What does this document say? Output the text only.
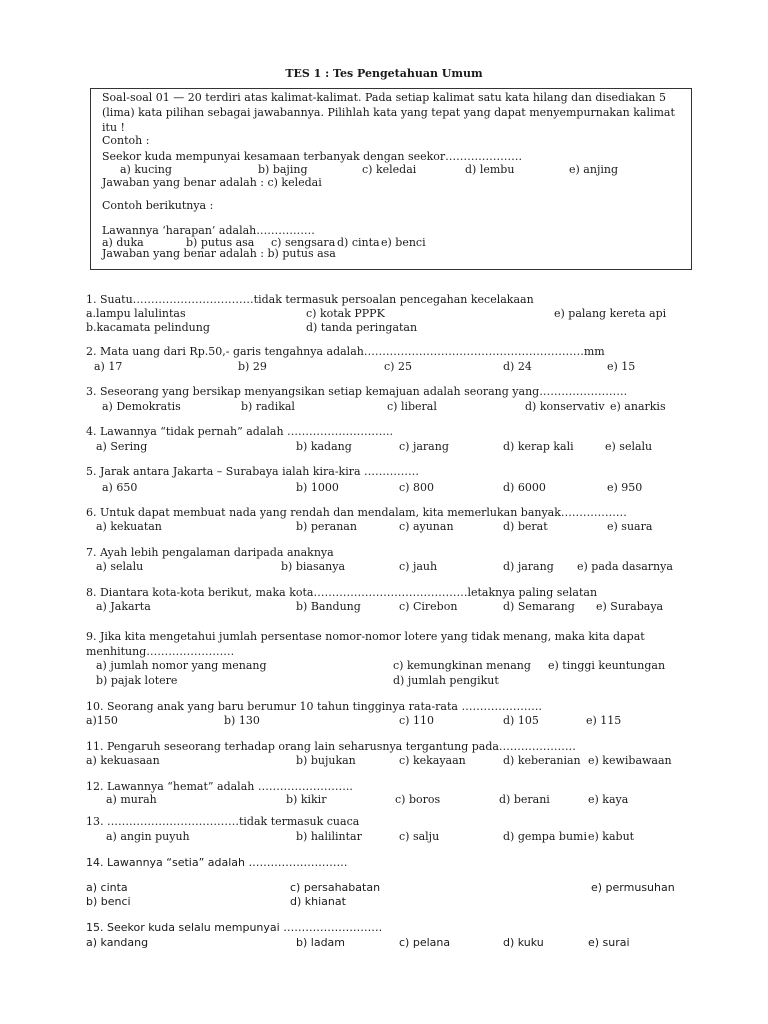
TES 1 : Tes Pengetahuan Umum
Soal-soal 01 — 20 terdiri atas kalimat-kalimat. Pada setiap kalimat satu kata hilang dan disediakan 5
(lima) kata pilihan sebagai jawabannya. Pilihlah kata yang tepat yang dapat menyempurnakan kalimat
itu !
Contoh :
Seekor kuda mempunyai kesamaan terbanyak dengan seekor…………………
a) kucing	b) bajing	c) keledai	d) lembu	e) anjing
Jawaban yang benar adalah : c) keledai
Contoh berikutnya :
Lawannya ‘harapan’ adalah…………….
a) duka	b) putus asa c) sengsara d) cinta e) benci
Jawaban yang benar adalah : b) putus asa
1. Suatu……………………………tidak termasuk persoalan pencegahan kecelakaan
a.lampu lalulintas	c) kotak PPPK	e) palang kereta api
b.kacamata pelindung	d) tanda peringatan
2. Mata uang dari Rp.50,- garis tengahnya adalah……………………………………………………mm
a) 17	b) 29	c) 25	d) 24	e) 15
3. Seseorang yang bersikap menyangsikan setiap kemajuan adalah seorang yang……………………
a) Demokratis	b) radikal	c) liberal	d) konservativ e) anarkis
4. Lawannya “tidak pernah” adalah ………………………..
a) Sering	b) kadang	c) jarang	d) kerap kali	e) selalu
5. Jarak antara Jakarta – Surabaya ialah kira-kira ……………
a) 650	b) 1000	c) 800	d) 6000	e) 950
6. Untuk dapat membuat nada yang rendah dan mendalam, kita memerlukan banyak………………
a) kekuatan	b) peranan	c) ayunan	d) berat	e) suara
7. Ayah lebih pengalaman daripada anaknya
a) selalu	b) biasanya	c) jauh	d) jarang e) pada dasarnya
8. Diantara kota-kota berikut, maka kota……………………………………letaknya paling selatan
a) Jakarta	b) Bandung	c) Cirebon	d) Semarang e) Surabaya
9. Jika kita mengetahui jumlah persentase nomor-nomor lotere yang tidak menang, maka kita dapat
menhitung……………………
a) jumlah nomor yang menang	c) kemungkinan menang e) tinggi keuntungan
b) pajak lotere	d) jumlah pengikut
10. Seorang anak yang baru berumur 10 tahun tingginya rata-rata ………………….
a)150	b) 130	c) 110	d) 105	e) 115
11. Pengaruh seseorang terhadap orang lain seharusnya tergantung pada…………………
a) kekuasaan	b) bujukan	c) kekayaan	d) keberanian e) kewibawaan
12. Lawannya “hemat” adalah ……………………..
a) murah	b) kikir	c) boros	d) berani	e) kaya
13. ………………………………tidak termasuk cuaca
a) angin puyuh	b) halilintar	c) salju	d) gempa bumi e) kabut
14. Lawannya “setia” adalah ………………………
a) cinta	c) persahabatan	e) permusuhan
b) benci	d) khianat
15. Seekor kuda selalu mempunyai ………………………
a) kandang	b) ladam	c) pelana	d) kuku	e) surai
